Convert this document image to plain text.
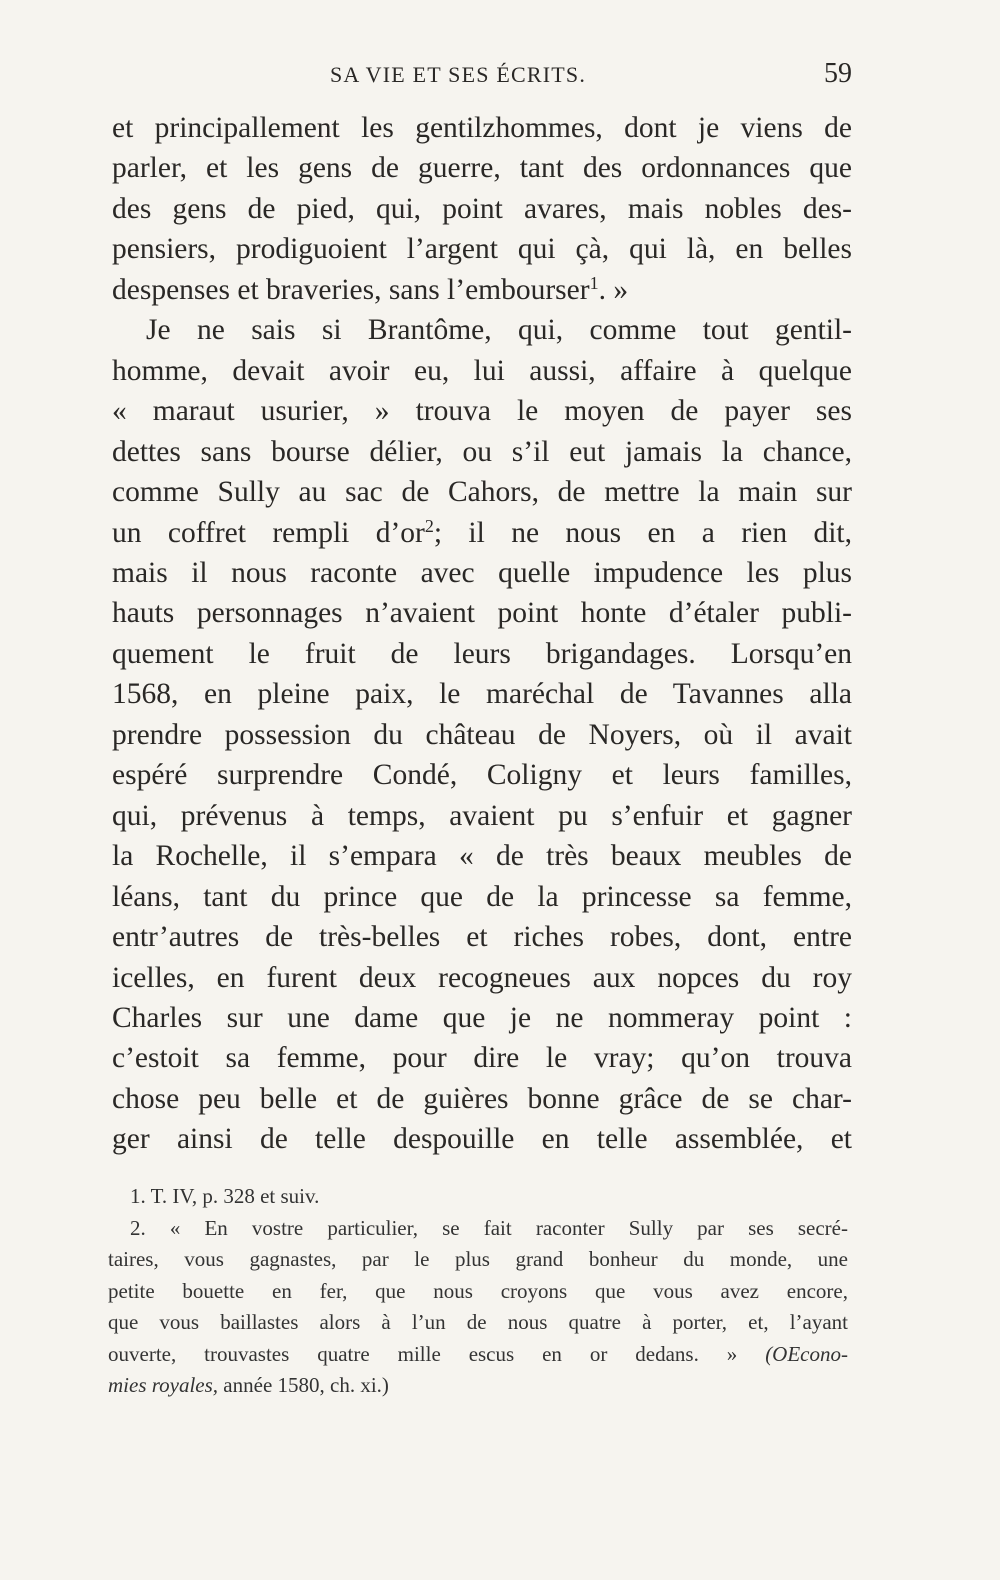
SA VIE ET SES ÉCRITS.	59
et principallement les gentilzhommes, dont je viens de
parler, et les gens de guerre, tant des ordonnances que
des gens de pied, qui, point avares, mais nobles des-
pensiers, prodiguoient l’argent qui çà, qui là, en belles
despenses et braveries, sans l’embourser$^1$. »
Je ne sais si Brantôme, qui, comme tout gentil-
homme, devait avoir eu, lui aussi, affaire à quelque
« maraut usurier, » trouva le moyen de payer ses
dettes sans bourse délier, ou s’il eut jamais la chance,
comme Sully au sac de Cahors, de mettre la main sur
un coffret rempli $d’or^2$; il ne nous en a rien dit,
mais il nous raconte avec quelle impudence les plus
hauts personnages n’avaient point honte d’étaler publi-
quement le fruit de leurs brigandages. Lorsqu’en
1568, en pleine paix, le maréchal de Tavannes alla
prendre possession du château de Noyers, où il avait
espéré surprendre Condé, Coligny et leurs familles,
qui, prévenus à temps, avaient pu s’enfuir et gagner
la Rochelle, il s’empara « de très beaux meubles de
léans, tant du prince que de la princesse sa femme,
entr’autres de très-belles et riches robes, dont, entre
icelles, en furent deux recogneues aux nopces du roy
Charles sur une dame que je ne nommeray point :
c’estoit sa femme, pour dire le vray; qu’on trouva
chose peu belle et de guières bonne grâce de se char-
ger ainsi de telle despouille en telle assemblée, et
1. T. IV, p. 328 et suiv.
2. « En vostre particulier, se fait raconter Sully par ses secré-
taires, vous gagnastes, par le plus grand bonheur du monde, une
petite bouette en fer, que nous croyons que vous avez encore,
que vous baillastes alors à l’un de nous quatre à porter, et, l’ayant
ouverte, trouvastes quatre mille escus en or dedans. » (OEcono-
mies royales, année 1580, ch. xi.)
